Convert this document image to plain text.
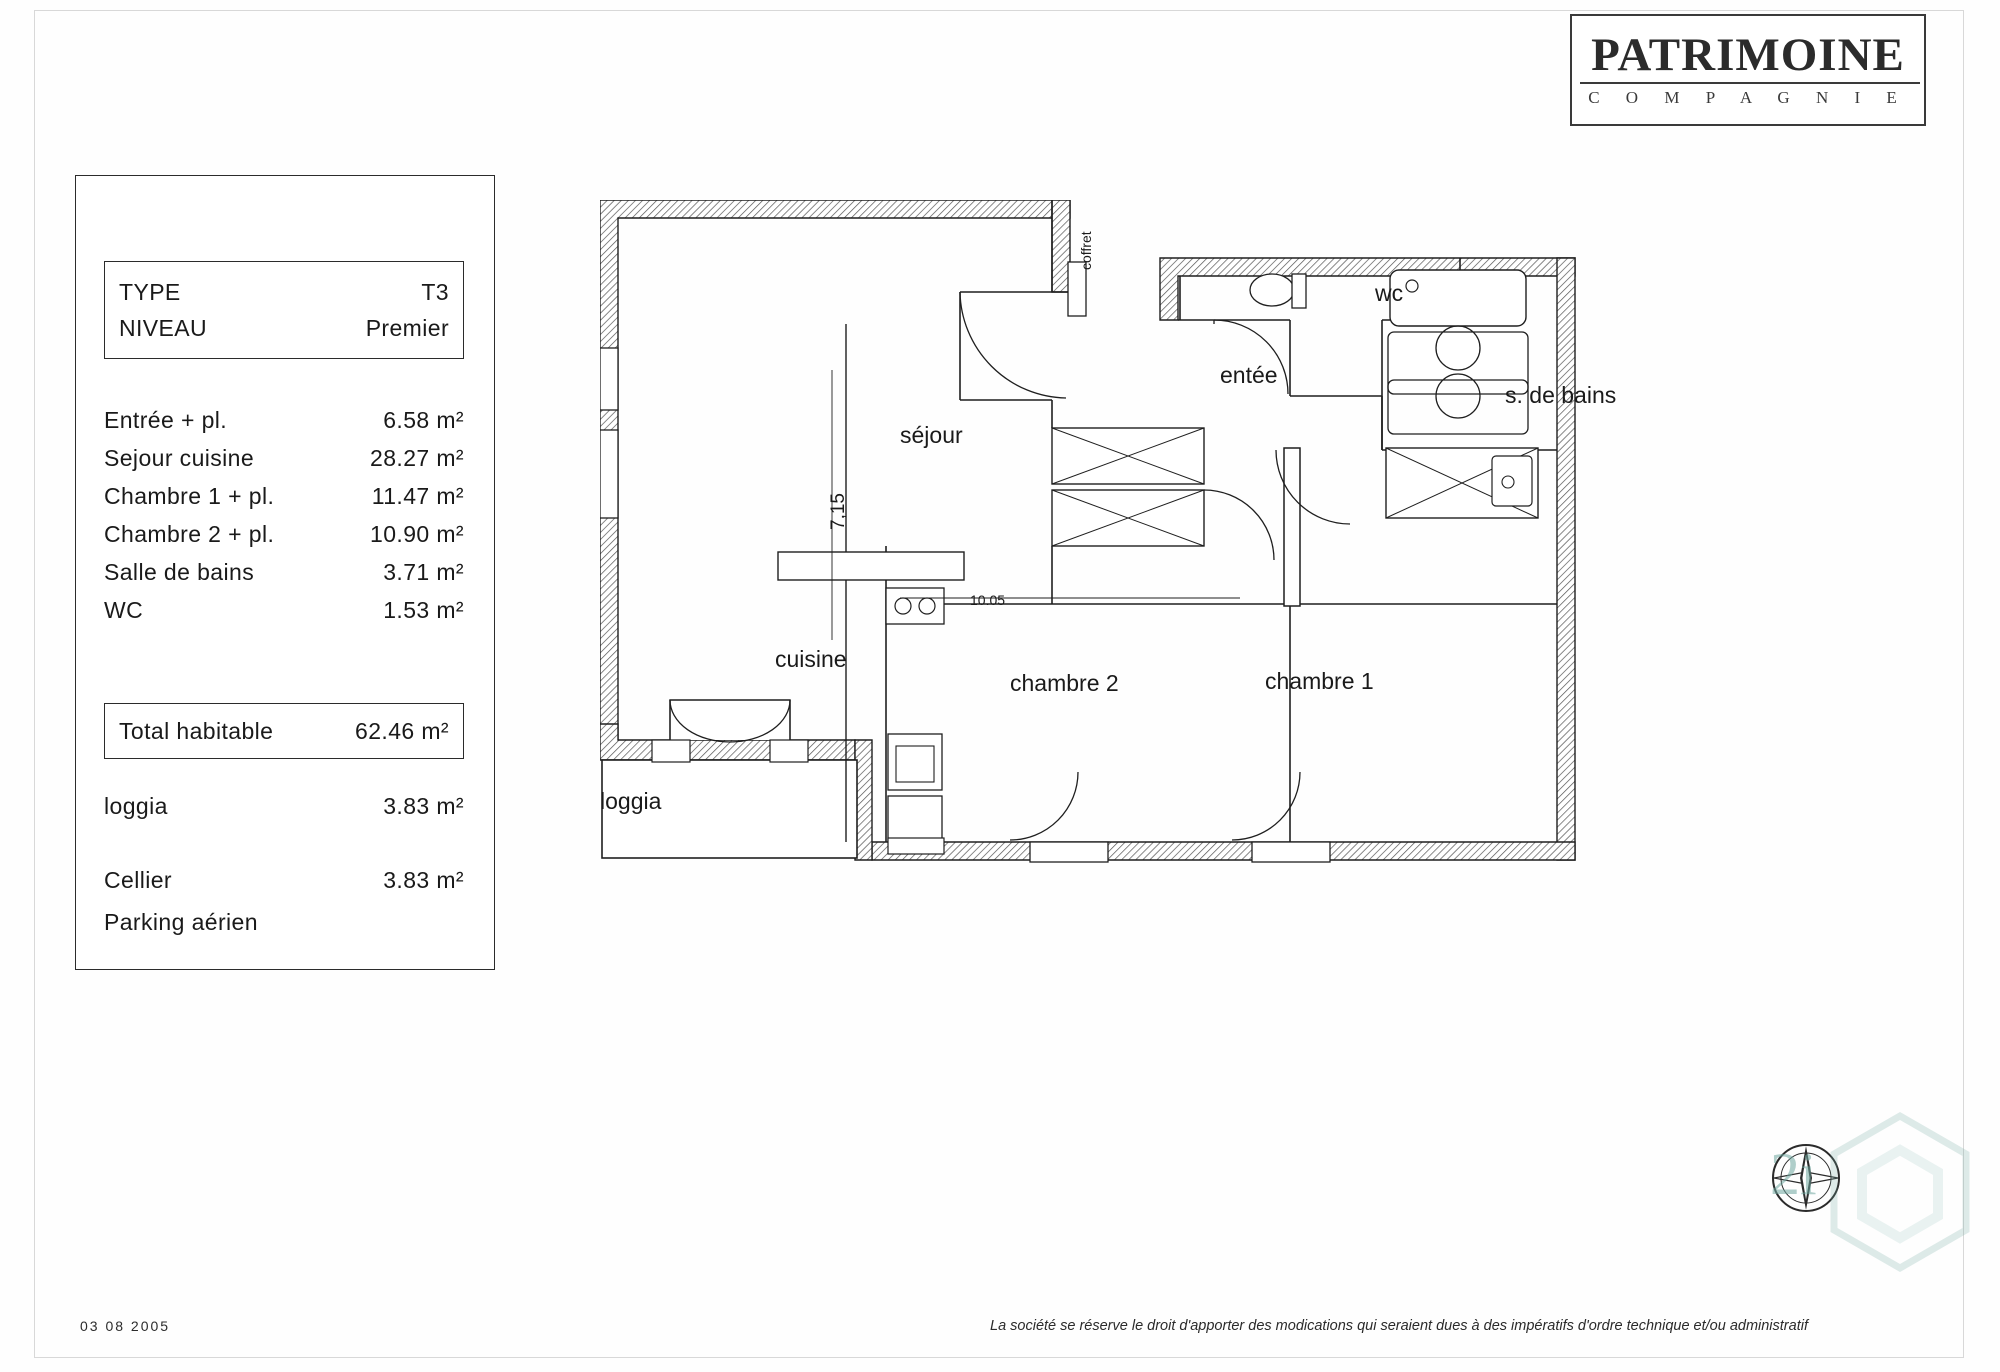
PATRIMOINE
C O M P A G N I E
TYPE	T3
NIVEAU	Premier
Entrée + pl.	6.58 m²
Sejour cuisine	28.27 m²
Chambre 1 + pl.	11.47 m²
Chambre 2 + pl.	10.90 m²
Salle de bains	3.71 m²
WC	1.53 m²
Total habitable	62.46 m²
loggia	3.83 m²
Cellier	3.83 m²
Parking aérien
séjour
entée
wc
s. de bains
cuisine
chambre 2	chambre 1
loggia
7,15
10.05
coffret
2i
03 08 2005	La société se réserve le droit d'apporter des modications qui seraient dues à des impératifs d'ordre technique et/ou administratif
